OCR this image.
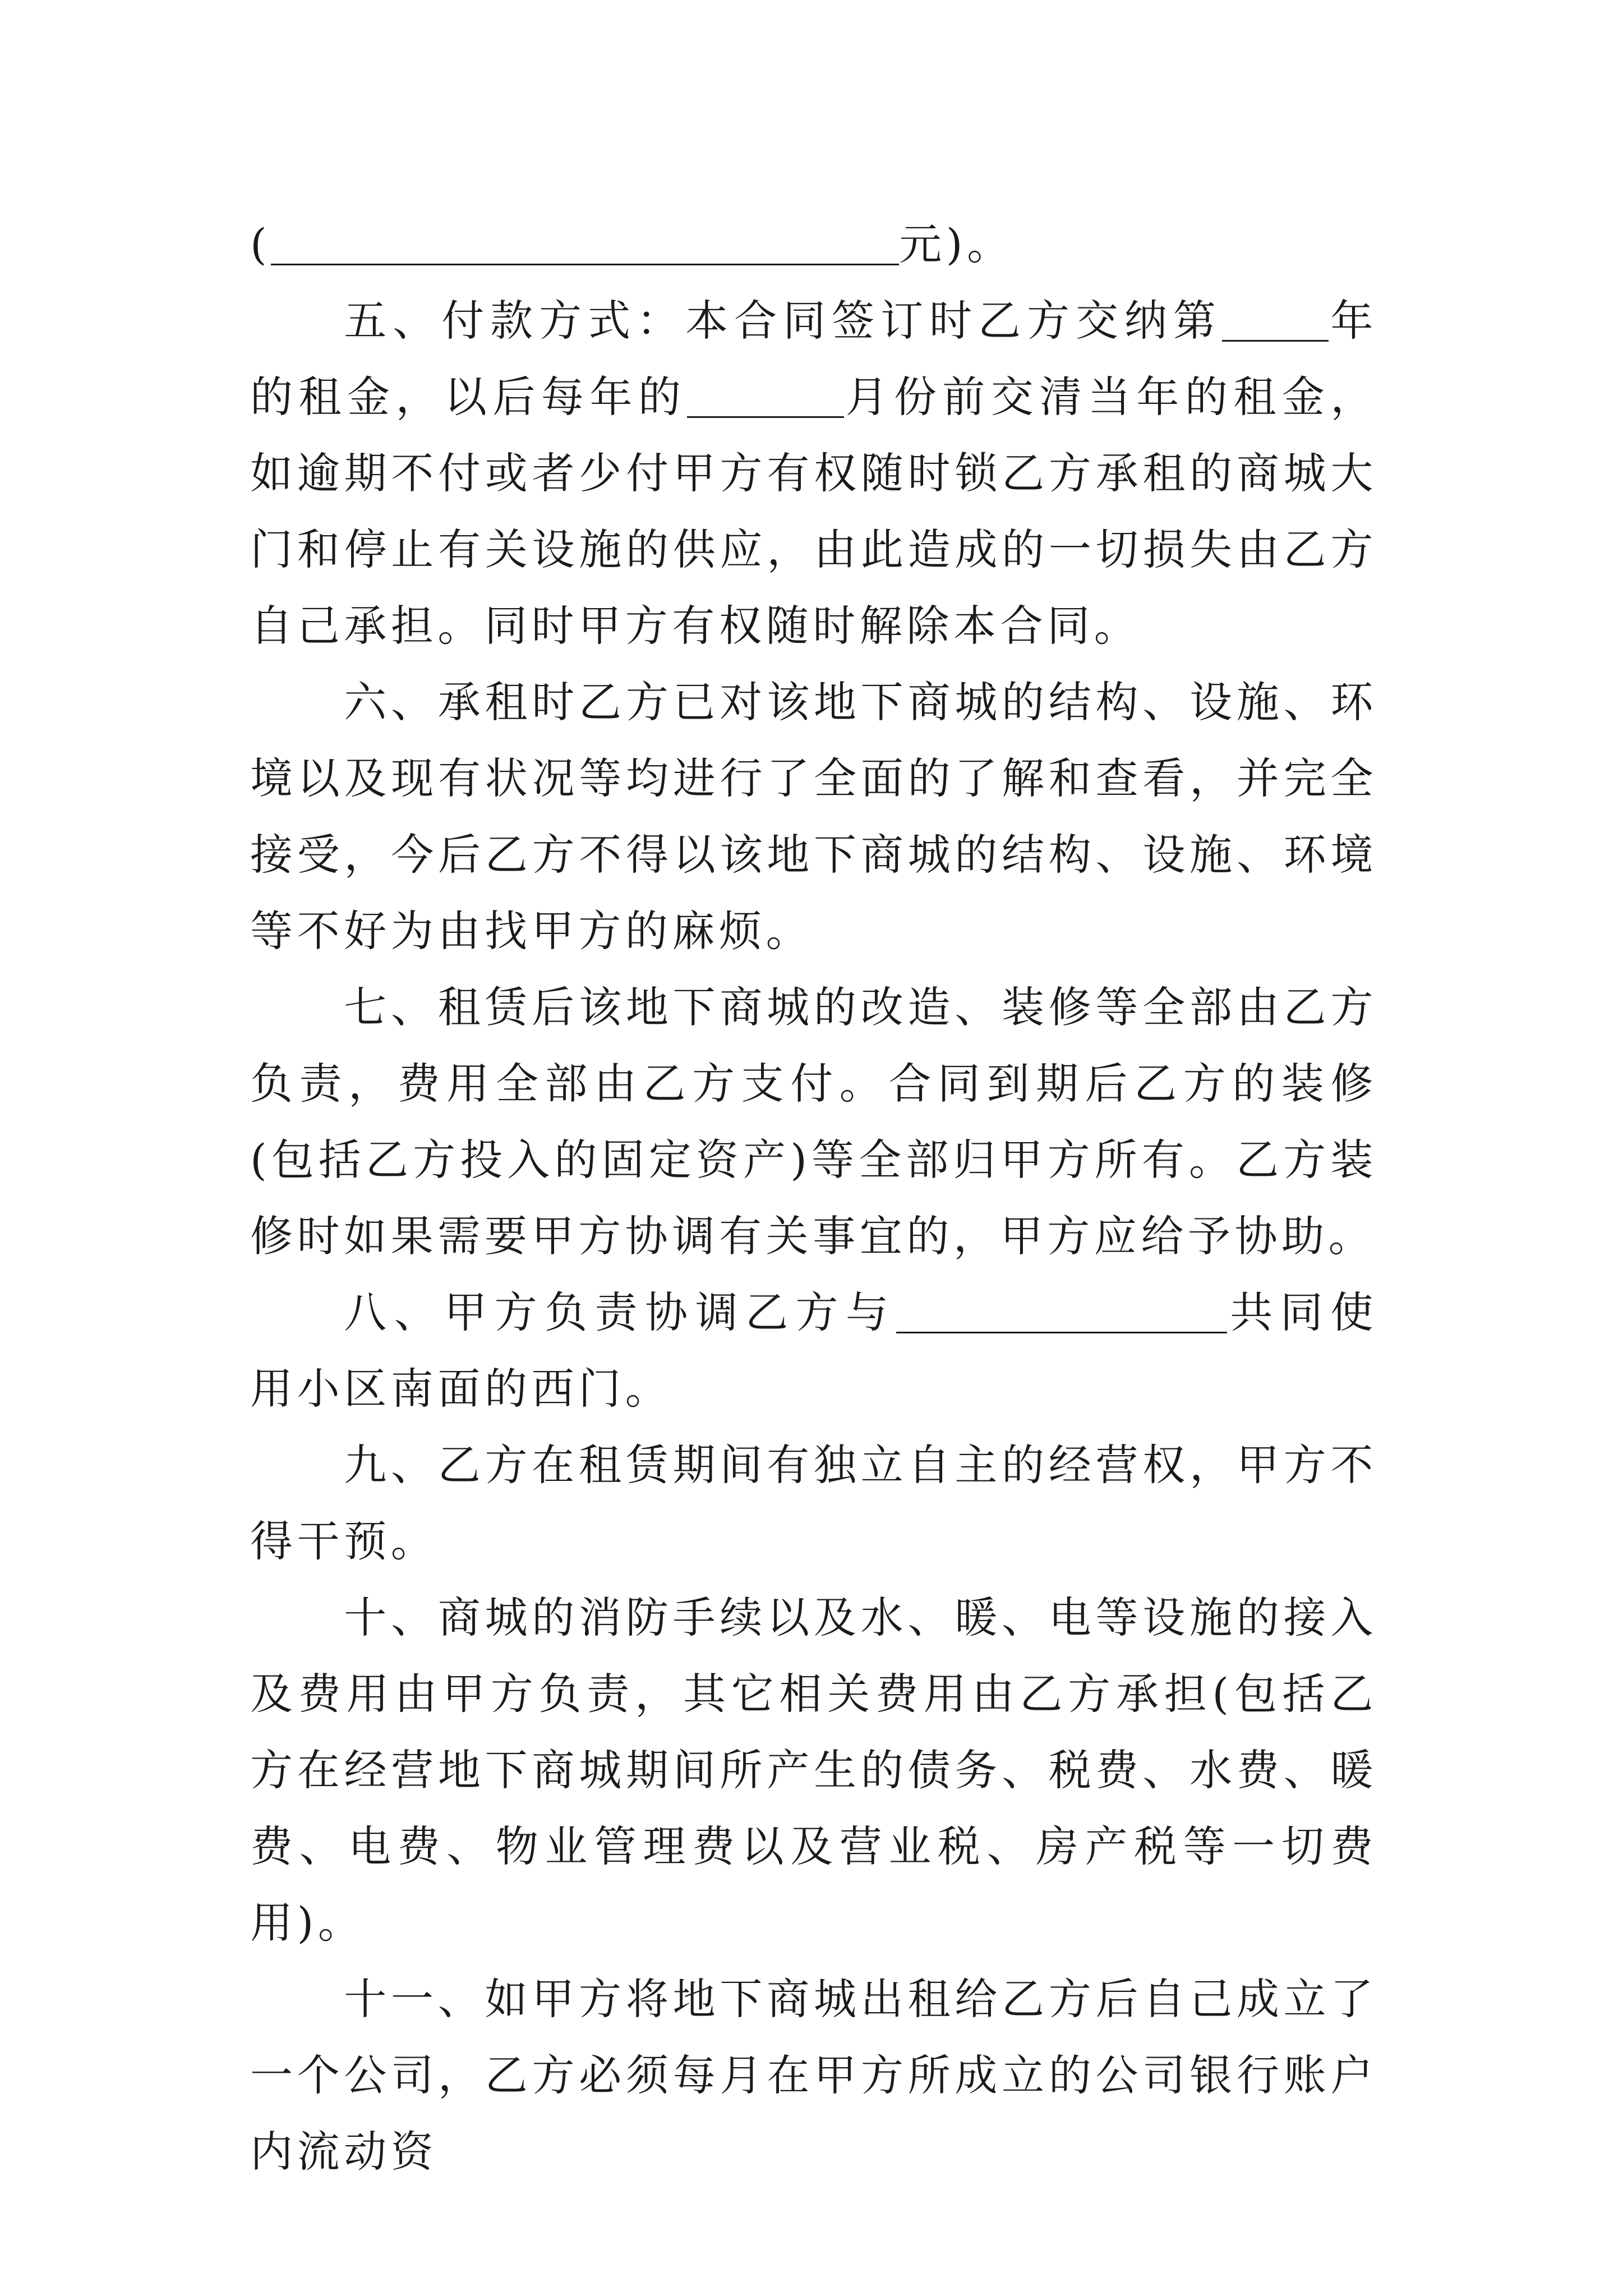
(	元)。

五、付款方式：本合同签订时乙方交纳第	年的租金，以后每年的	月份前交清当年的租金，如逾期不付或者少付甲方有权随时锁乙方承租的商城大门和停止有关设施的供应，由此造成的一切损失由乙方自己承担。同时甲方有权随时解除本合同。

六、承租时乙方已对该地下商城的结构、设施、环境以及现有状况等均进行了全面的了解和查看，并完全接受，今后乙方不得以该地下商城的结构、设施、环境等不好为由找甲方的麻烦。

七、租赁后该地下商城的改造、装修等全部由乙方负责，费用全部由乙方支付。合同到期后乙方的装修(包括乙方投入的固定资产)等全部归甲方所有。乙方装修时如果需要甲方协调有关事宜的，甲方应给予协助。

八、甲方负责协调乙方与	共同使用小区南面的西门。

九、乙方在租赁期间有独立自主的经营权，甲方不得干预。

十、商城的消防手续以及水、暖、电等设施的接入及费用由甲方负责，其它相关费用由乙方承担(包括乙方在经营地下商城期间所产生的债务、税费、水费、暖费、电费、物业管理费以及营业税、房产税等一切费用)。

十一、如甲方将地下商城出租给乙方后自己成立了一个公司，乙方必须每月在甲方所成立的公司银行账户内流动资
